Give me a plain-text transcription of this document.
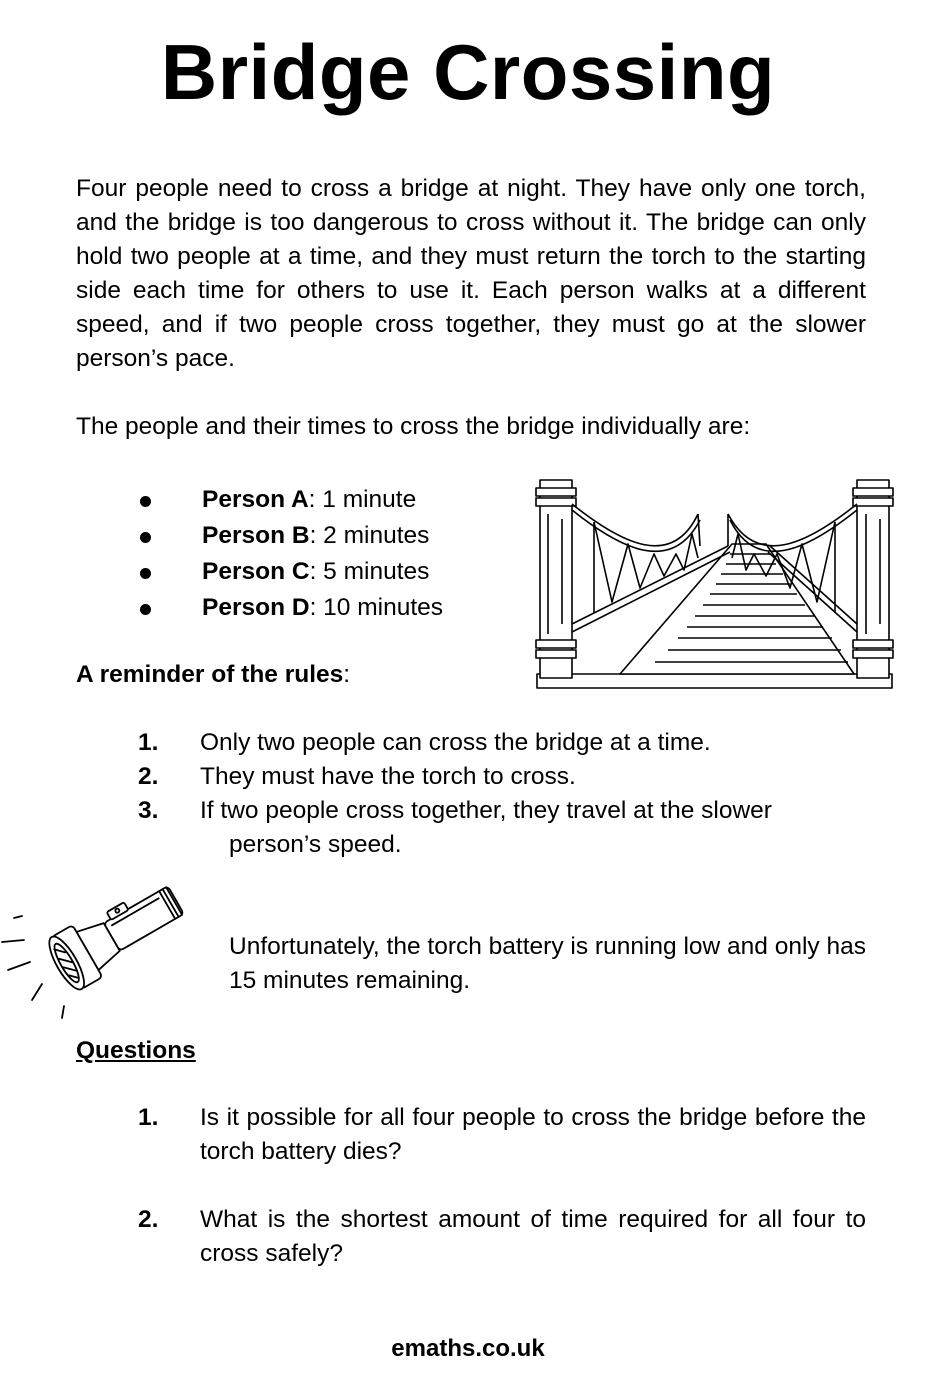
Bridge Crossing

Four people need to cross a bridge at night. They have only one torch, and the bridge is too dangerous to cross without it. The bridge can only hold two people at a time, and they must return the torch to the starting side each time for others to use it. Each person walks at a different speed, and if two people cross together, they must go at the slower person’s pace.

The people and their times to cross the bridge individually are:

Person A: 1 minute
Person B: 2 minutes
Person C: 5 minutes
Person D: 10 minutes
A reminder of the rules:
1. Only two people can cross the bridge at a time.
2. They must have the torch to cross.
3. If two people cross together, they travel at the slower
person’s speed.

Unfortunately, the torch battery is running low and only has 15 minutes remaining.

Questions
1. Is it possible for all four people to cross the bridge before the torch battery dies?
2. What is the shortest amount of time required for all four to cross safely?
emaths.co.uk
